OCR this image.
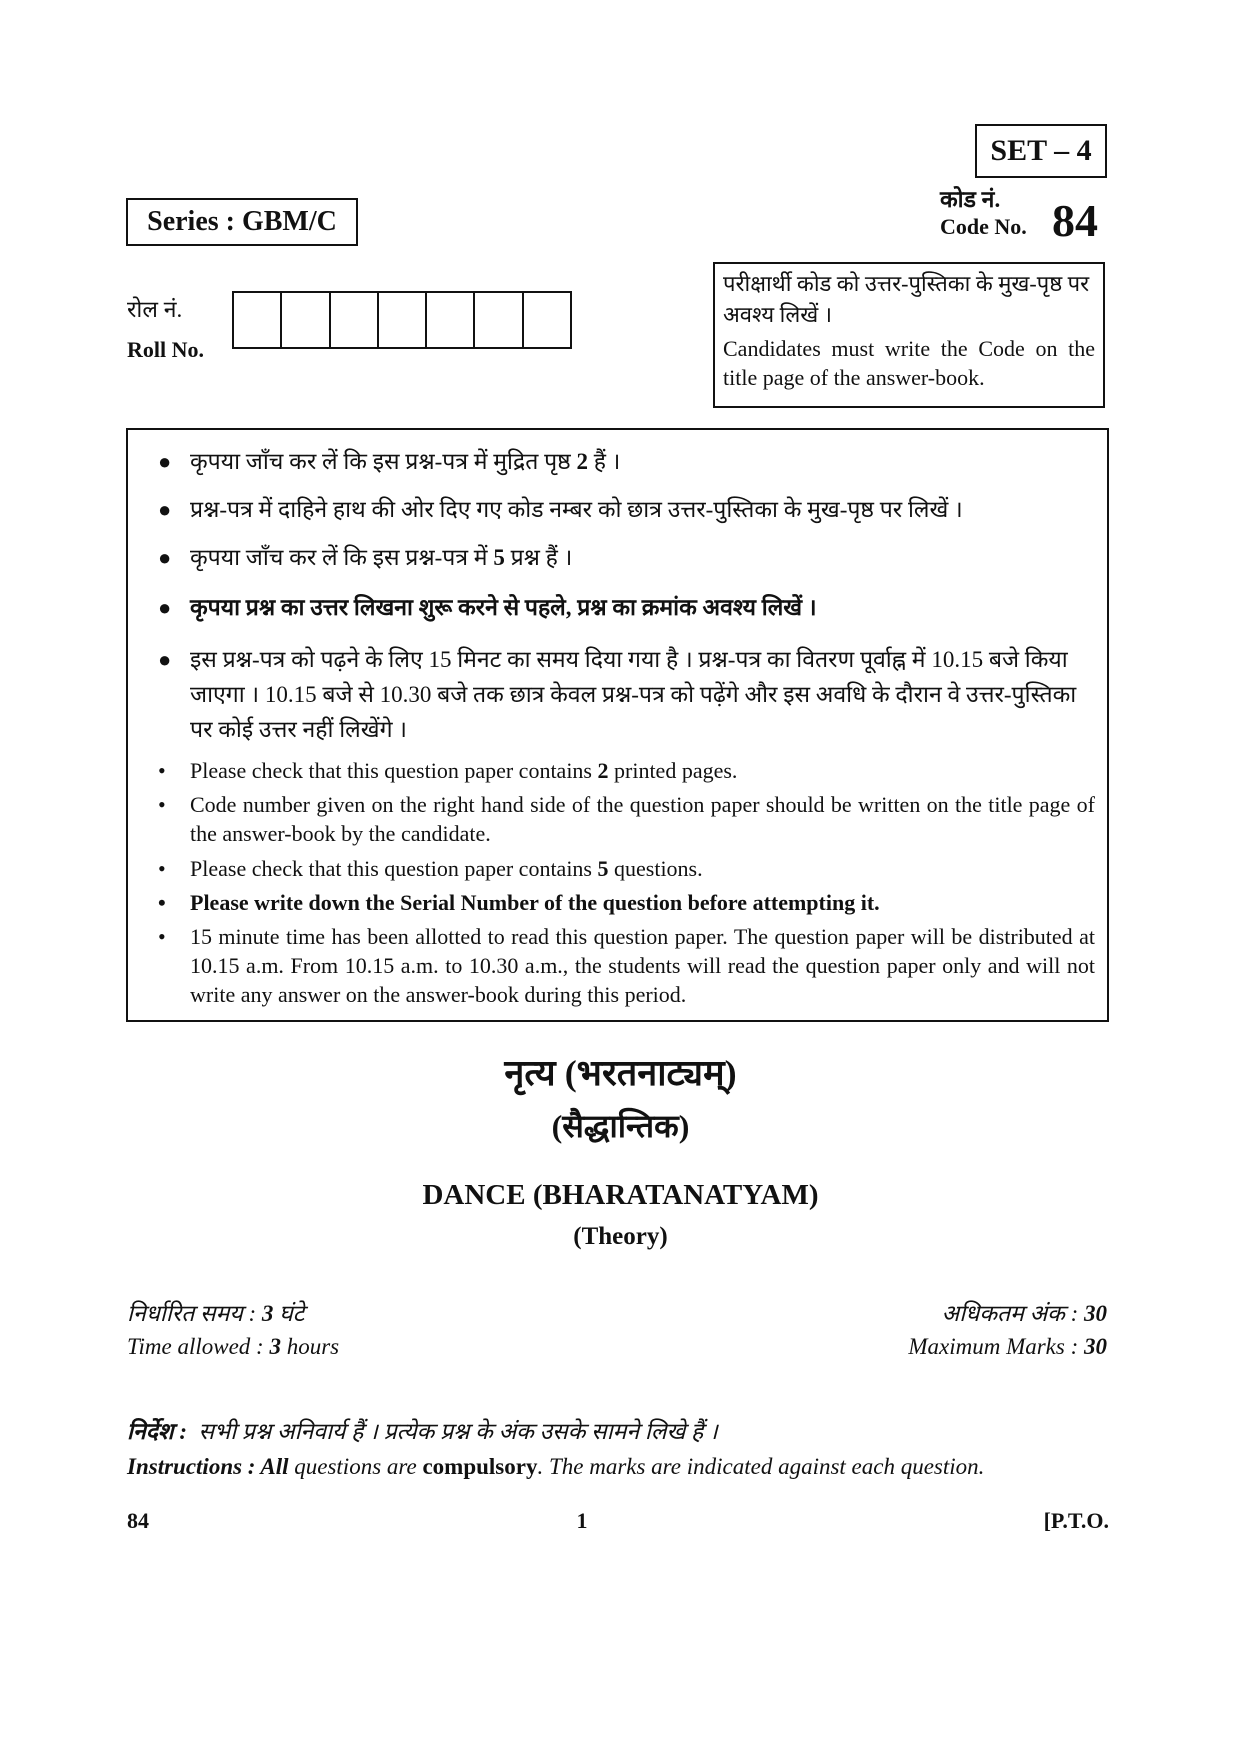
SET – 4
कोड नं.
Code No. 84
Series : GBM/C
रोल नं.
Roll No.
परीक्षार्थी कोड को उत्तर-पुस्तिका के मुख-पृष्ठ पर अवश्य लिखें ।
Candidates must write the Code on the title page of the answer-book.
● कृपया जाँच कर लें कि इस प्रश्न-पत्र में मुद्रित पृष्ठ 2 हैं ।
● प्रश्न-पत्र में दाहिने हाथ की ओर दिए गए कोड नम्बर को छात्र उत्तर-पुस्तिका के मुख-पृष्ठ पर लिखें ।
● कृपया जाँच कर लें कि इस प्रश्न-पत्र में 5 प्रश्न हैं ।
● कृपया प्रश्न का उत्तर लिखना शुरू करने से पहले, प्रश्न का क्रमांक अवश्य लिखें ।
● इस प्रश्न-पत्र को पढ़ने के लिए 15 मिनट का समय दिया गया है । प्रश्न-पत्र का वितरण पूर्वाह्न में 10.15 बजे किया जाएगा । 10.15 बजे से 10.30 बजे तक छात्र केवल प्रश्न-पत्र को पढ़ेंगे और इस अवधि के दौरान वे उत्तर-पुस्तिका पर कोई उत्तर नहीं लिखेंगे ।
• Please check that this question paper contains 2 printed pages.
• Code number given on the right hand side of the question paper should be written on the title page of the answer-book by the candidate.
• Please check that this question paper contains 5 questions.
• Please write down the Serial Number of the question before attempting it.
• 15 minute time has been allotted to read this question paper. The question paper will be distributed at 10.15 a.m. From 10.15 a.m. to 10.30 a.m., the students will read the question paper only and will not write any answer on the answer-book during this period.
नृत्य (भरतनाट्यम्)
(सैद्धान्तिक)
DANCE (BHARATANATYAM)
(Theory)
निर्धारित समय : 3 घंटे	अधिकतम अंक : 30
Time allowed : 3 hours	Maximum Marks : 30
निर्देश : सभी प्रश्न अनिवार्य हैं । प्रत्येक प्रश्न के अंक उसके सामने लिखे हैं ।
Instructions : All questions are compulsory. The marks are indicated against each question.
84	1	[P.T.O.
